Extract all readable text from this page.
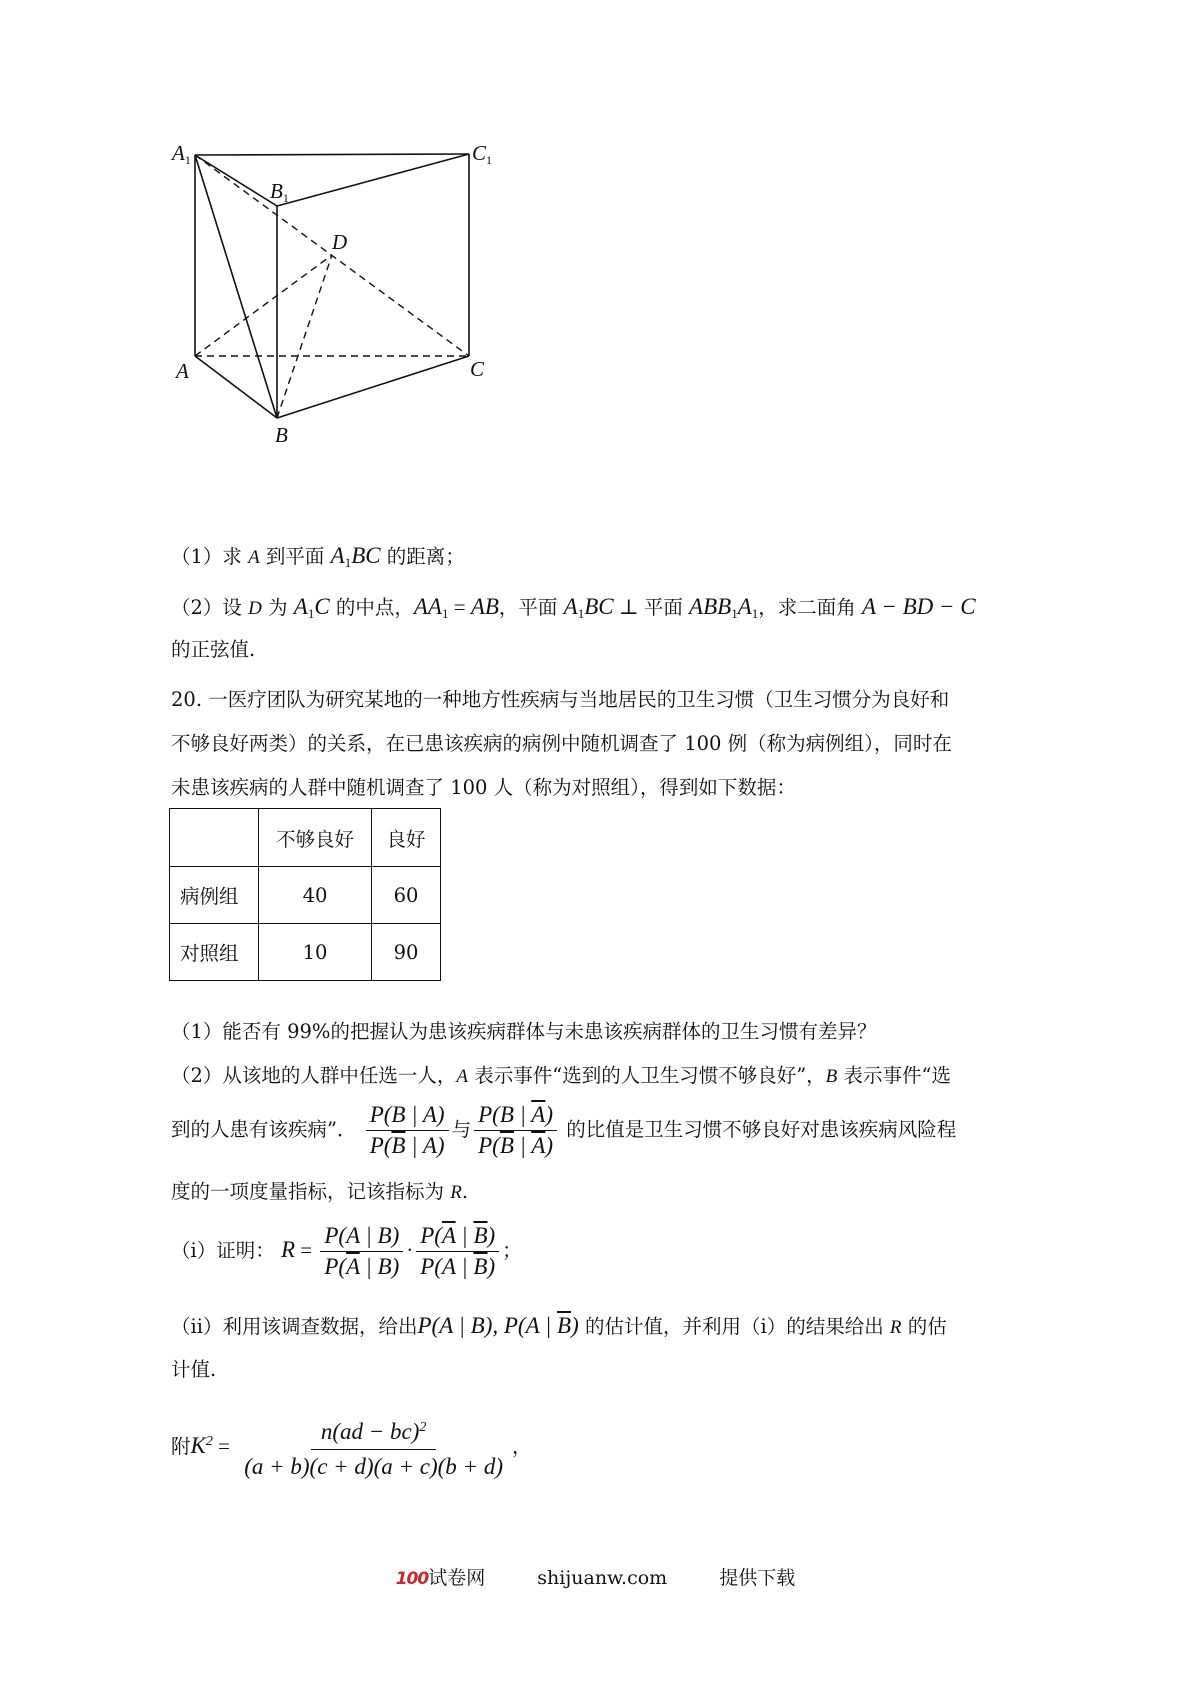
A1
B1
C1
D
A	C
B
（1）求 A 到平面 $A_1BC$ 的距离；
（2）设 D 为 $A_1C$ 的中点，$AA_1$ = AB，平面 $A_1BC$ ⊥ 平面 $ABB_1A_1$，求二面角 A − BD − C
的正弦值.
20. 一医疗团队为研究某地的一种地方性疾病与当地居民的卫生习惯（卫生习惯分为良好和
不够良好两类）的关系，在已患该疾病的病例中随机调查了 100 例（称为病例组），同时在
未患该疾病的人群中随机调查了 100 人（称为对照组），得到如下数据：
	不够良好	良好
病例组	40	60
对照组	10	90
（1）能否有 99%的把握认为患该疾病群体与未患该疾病群体的卫生习惯有差异？
（2）从该地的人群中任选一人，A 表示事件“选到的人卫生习惯不够良好”，B 表示事件“选
到的人患有该疾病”． $\frac{P(B | A)}{P(\overline{B} | A)}$ 与 $\frac{P(B | \overline{A})}{P(\overline{B} | \overline{A})}$ 的比值是卫生习惯不够良好对患该疾病风险程
度的一项度量指标，记该指标为 R.
（i）证明： $R = \frac{P(A | B)}{P(\overline{A} | B)} \cdot \frac{P(\overline{A} | \overline{B})}{P(A | \overline{B})}$ ；
（ii）利用该调查数据，给出P(A | B), P(A | $\overline{B}$) 的估计值，并利用（i）的结果给出 R 的估
计值.
附$K^2 = \frac{n(ad - bc)^2}{(a + b)(c + d)(a + c)(b + d)}$ ，
100试卷网	shijuanw.com	提供下载
